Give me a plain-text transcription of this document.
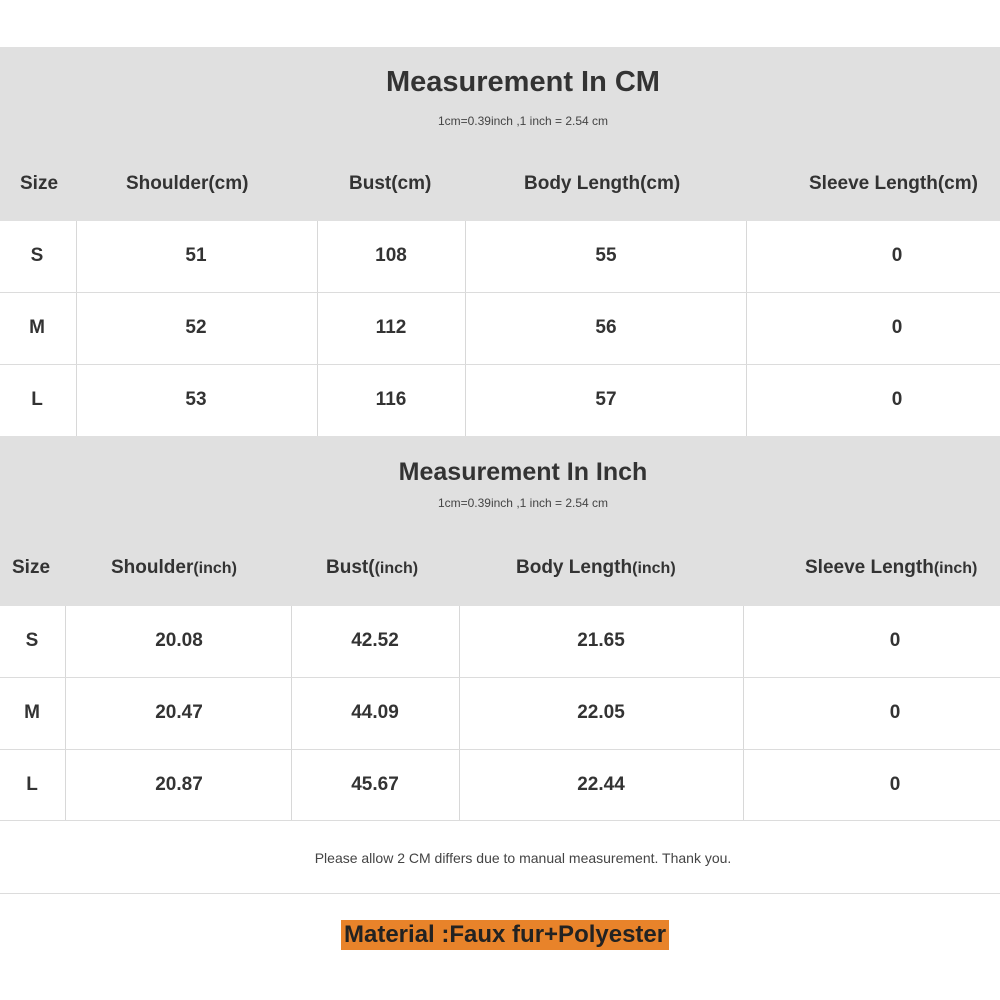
Measurement In CM
1cm=0.39inch ,1 inch = 2.54 cm
Size	Shoulder(cm)	Bust(cm)	Body Length(cm)	Sleeve Length(cm)
S	51	108	55	0
M	52	112	56	0
L	53	116	57	0
Measurement In Inch
1cm=0.39inch ,1 inch = 2.54 cm
Size	Shoulder(inch)	Bust((inch)	Body Length(inch)	Sleeve Length(inch)
S	20.08	42.52	21.65	0
M	20.47	44.09	22.05	0
L	20.87	45.67	22.44	0
Please allow 2 CM differs due to manual measurement. Thank you.
Material :Faux fur+Polyester
